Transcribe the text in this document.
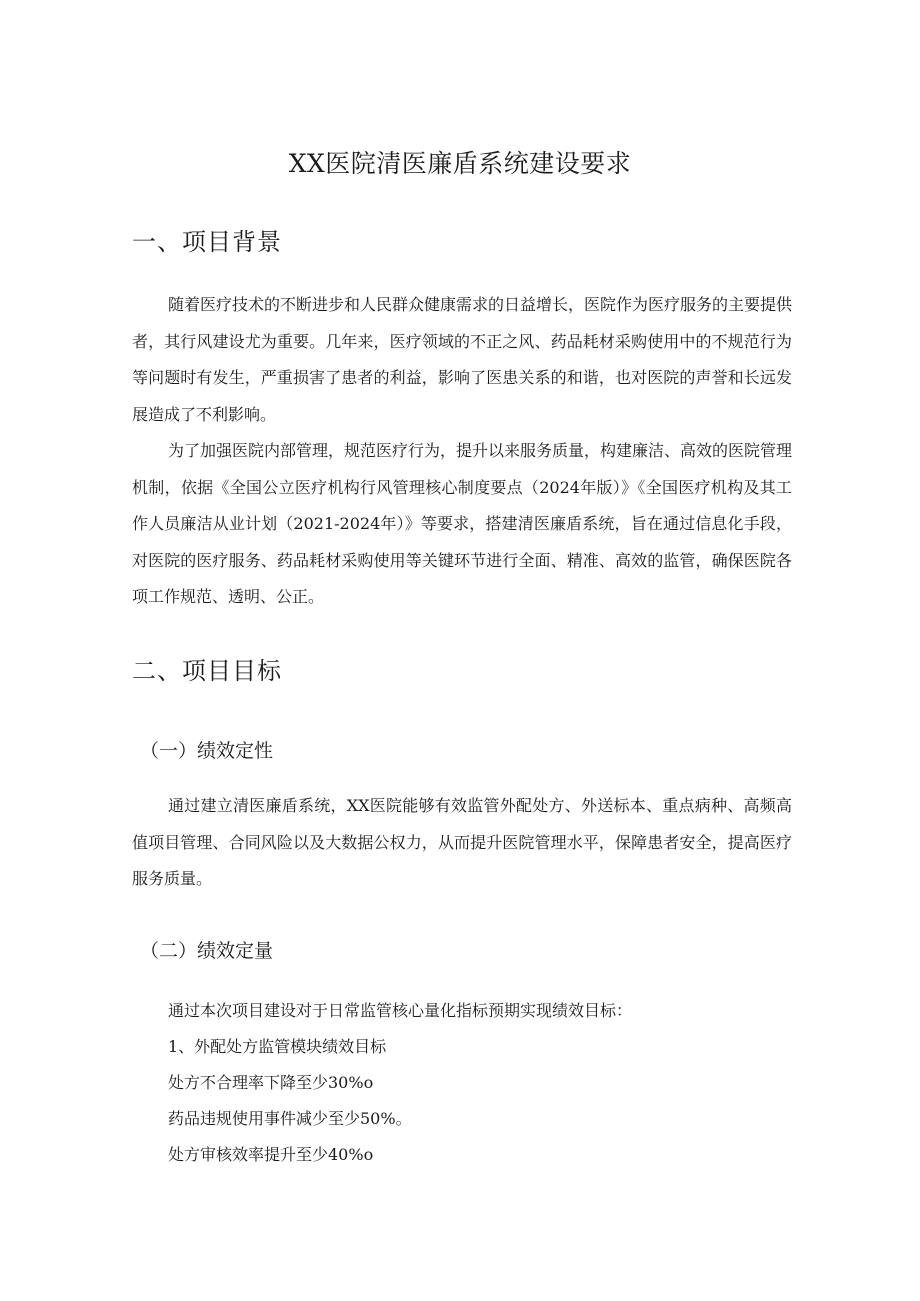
XX医院清医廉盾系统建设要求
一、项目背景

随着医疗技术的不断进步和人民群众健康需求的日益增长，医院作为医疗服务的主要提供者，其行风建设尤为重要。几年来，医疗领域的不正之风、药品耗材采购使用中的不规范行为等问题时有发生，严重损害了患者的利益，影响了医患关系的和谐，也对医院的声誉和长远发展造成了不利影响。

为了加强医院内部管理，规范医疗行为，提升以来服务质量，构建廉洁、高效的医院管理机制，依据《全国公立医疗机构行风管理核心制度要点（2024年版）》《全国医疗机构及其工作人员廉洁从业计划（2021-2024年）》等要求，搭建清医廉盾系统，旨在通过信息化手段，对医院的医疗服务、药品耗材采购使用等关键环节进行全面、精准、高效的监管，确保医院各项工作规范、透明、公正。

二、项目目标
（一）绩效定性

通过建立清医廉盾系统，XX医院能够有效监管外配处方、外送标本、重点病种、高频高值项目管理、合同风险以及大数据公权力，从而提升医院管理水平，保障患者安全，提高医疗服务质量。

（二）绩效定量
通过本次项目建设对于日常监管核心量化指标预期实现绩效目标：
1、外配处方监管模块绩效目标
处方不合理率下降至少30%o
药品违规使用事件减少至少50%。
处方审核效率提升至少40%o
